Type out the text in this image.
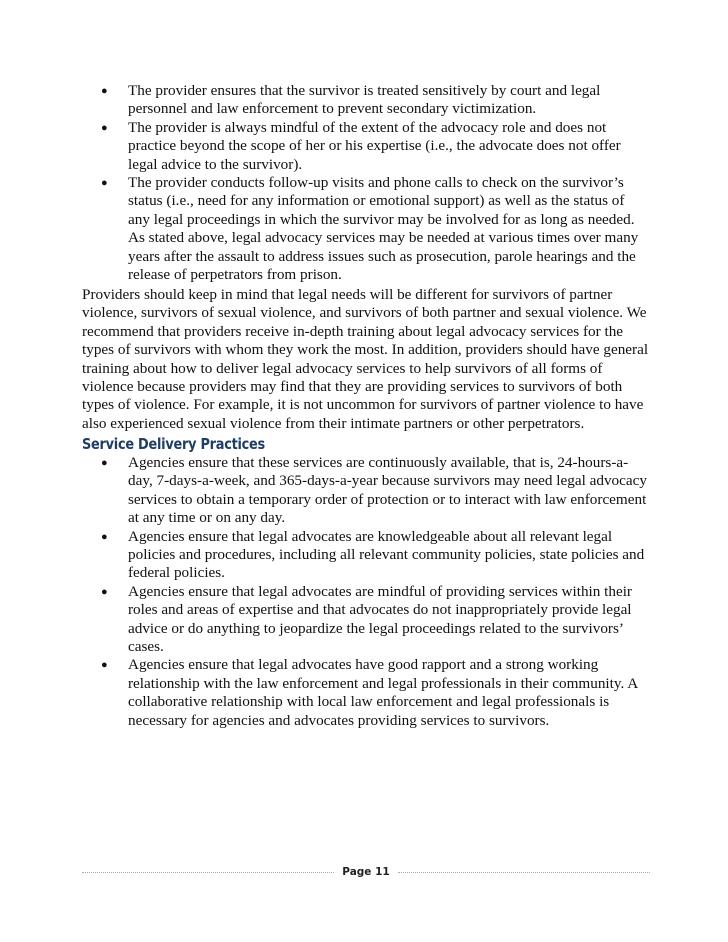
● The provider ensures that the survivor is treated sensitively by court and legal personnel and law enforcement to prevent secondary victimization.
● The provider is always mindful of the extent of the advocacy role and does not practice beyond the scope of her or his expertise (i.e., the advocate does not offer legal advice to the survivor).
● The provider conducts follow-up visits and phone calls to check on the survivor’s status (i.e., need for any information or emotional support) as well as the status of any legal proceedings in which the survivor may be involved for as long as needed. As stated above, legal advocacy services may be needed at various times over many years after the assault to address issues such as prosecution, parole hearings and the release of perpetrators from prison.

Providers should keep in mind that legal needs will be different for survivors of partner violence, survivors of sexual violence, and survivors of both partner and sexual violence. We recommend that providers receive in-depth training about legal advocacy services for the types of survivors with whom they work the most. In addition, providers should have general training about how to deliver legal advocacy services to help survivors of all forms of violence because providers may find that they are providing services to survivors of both types of violence. For example, it is not uncommon for survivors of partner violence to have also experienced sexual violence from their intimate partners or other perpetrators.

Service Delivery Practices
● Agencies ensure that these services are continuously available, that is, 24-hours-a-day, 7-days-a-week, and 365-days-a-year because survivors may need legal advocacy services to obtain a temporary order of protection or to interact with law enforcement at any time or on any day.
● Agencies ensure that legal advocates are knowledgeable about all relevant legal policies and procedures, including all relevant community policies, state policies and federal policies.
● Agencies ensure that legal advocates are mindful of providing services within their roles and areas of expertise and that advocates do not inappropriately provide legal advice or do anything to jeopardize the legal proceedings related to the survivors’ cases.
● Agencies ensure that legal advocates have good rapport and a strong working relationship with the law enforcement and legal professionals in their community. A collaborative relationship with local law enforcement and legal professionals is necessary for agencies and advocates providing services to survivors.
Page 11
